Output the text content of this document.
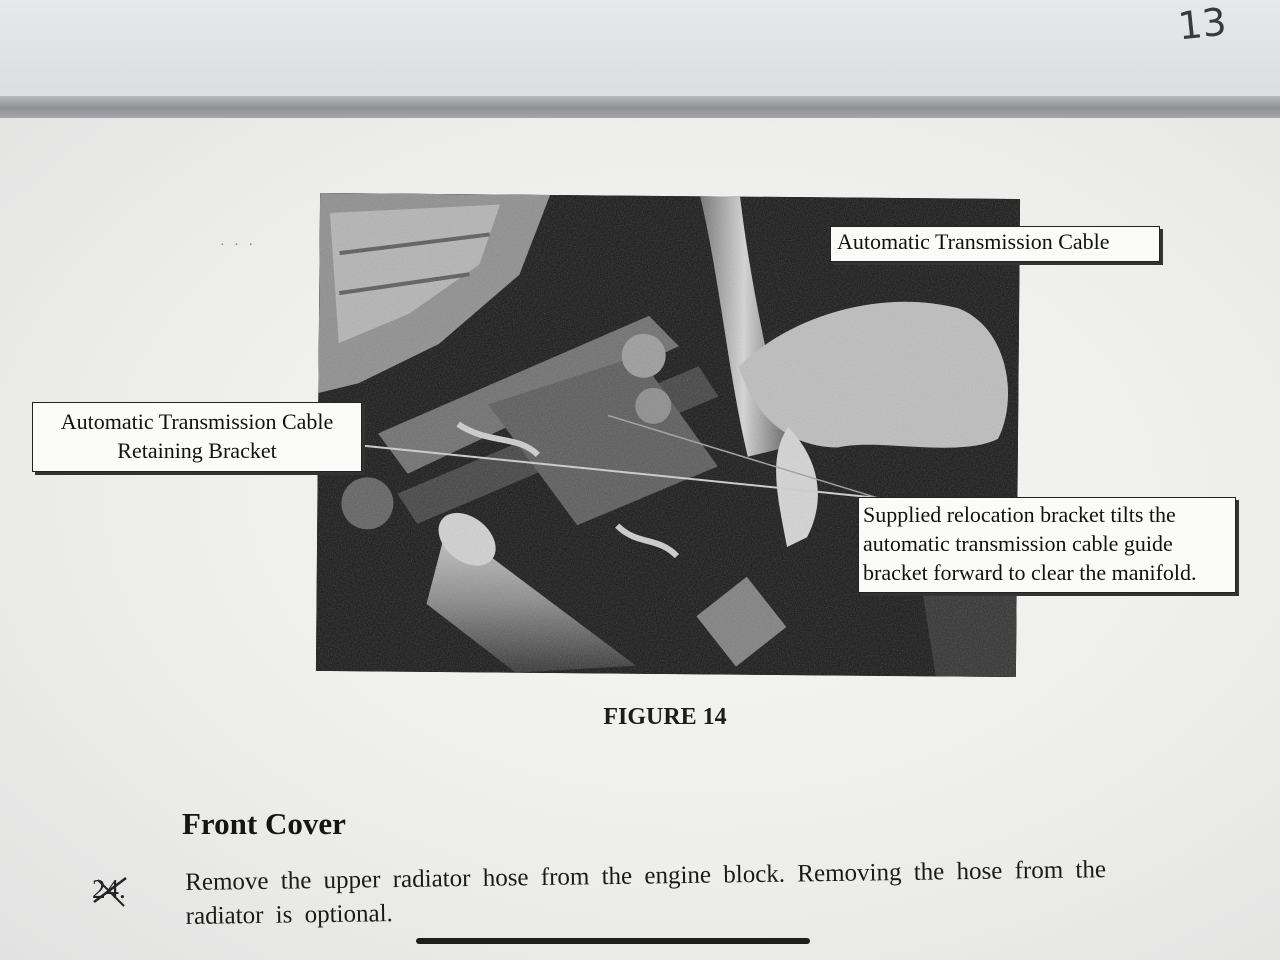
13
· · ·	Automatic Transmission Cable
Automatic Transmission Cable
Retaining Bracket
Supplied relocation bracket tilts the
automatic transmission cable guide
bracket forward to clear the manifold.
FIGURE 14
Front Cover
24. Remove the upper radiator hose from the engine block. Removing the hose from the radiator is optional.
